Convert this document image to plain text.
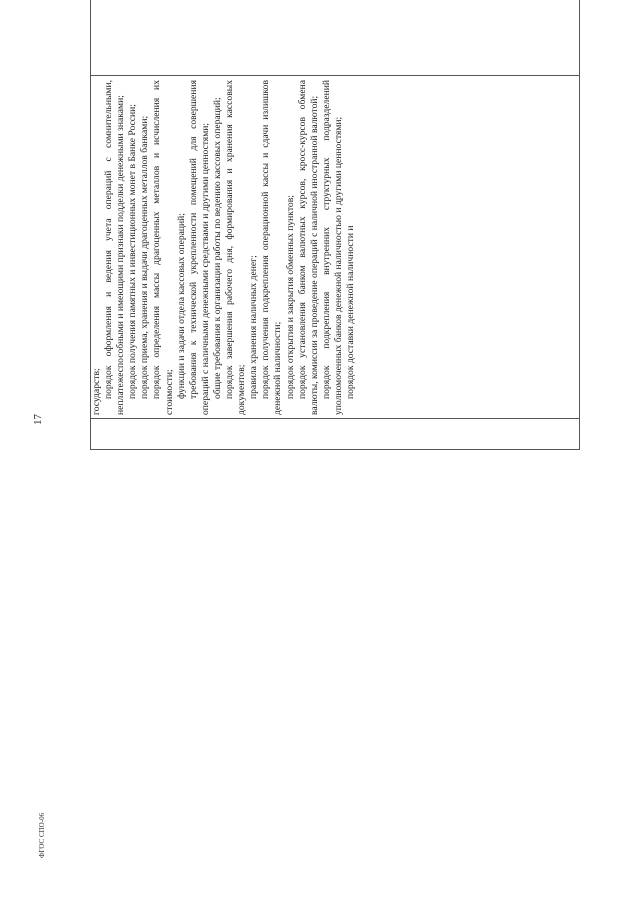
17

государств; порядок оформления и ведения учета операций с сомнительными, неплатежеспособными и имеющими признаки подделки денежными знаками; порядок получения памятных и инвестиционных монет в Банке России; порядок приема, хранения и выдачи драгоценных металлов банками; порядок определения массы драгоценных металлов и исчисления их стоимости; функции и задачи отдела кассовых операций; требования к технической укрепленности помещений для совершения операций с наличными денежными средствами и другими ценностями; общие требования к организации работы по ведению кассовых операций; порядок завершения рабочего дня, формирования и хранения кассовых документов; правила хранения наличных денег; порядок получения подкрепления операционной кассы и сдачи излишков денежной наличности; порядок открытия и закрытия обменных пунктов; порядок установления банком валютных курсов, кросс-курсов обмена валюты, комиссии за проведение операций с наличной иностранной валютой; порядок подкрепления внутренних структурных подразделений уполномоченных банков денежной наличностью и другими ценностями; порядок доставки денежной наличности и

ФГОС СПО-06
